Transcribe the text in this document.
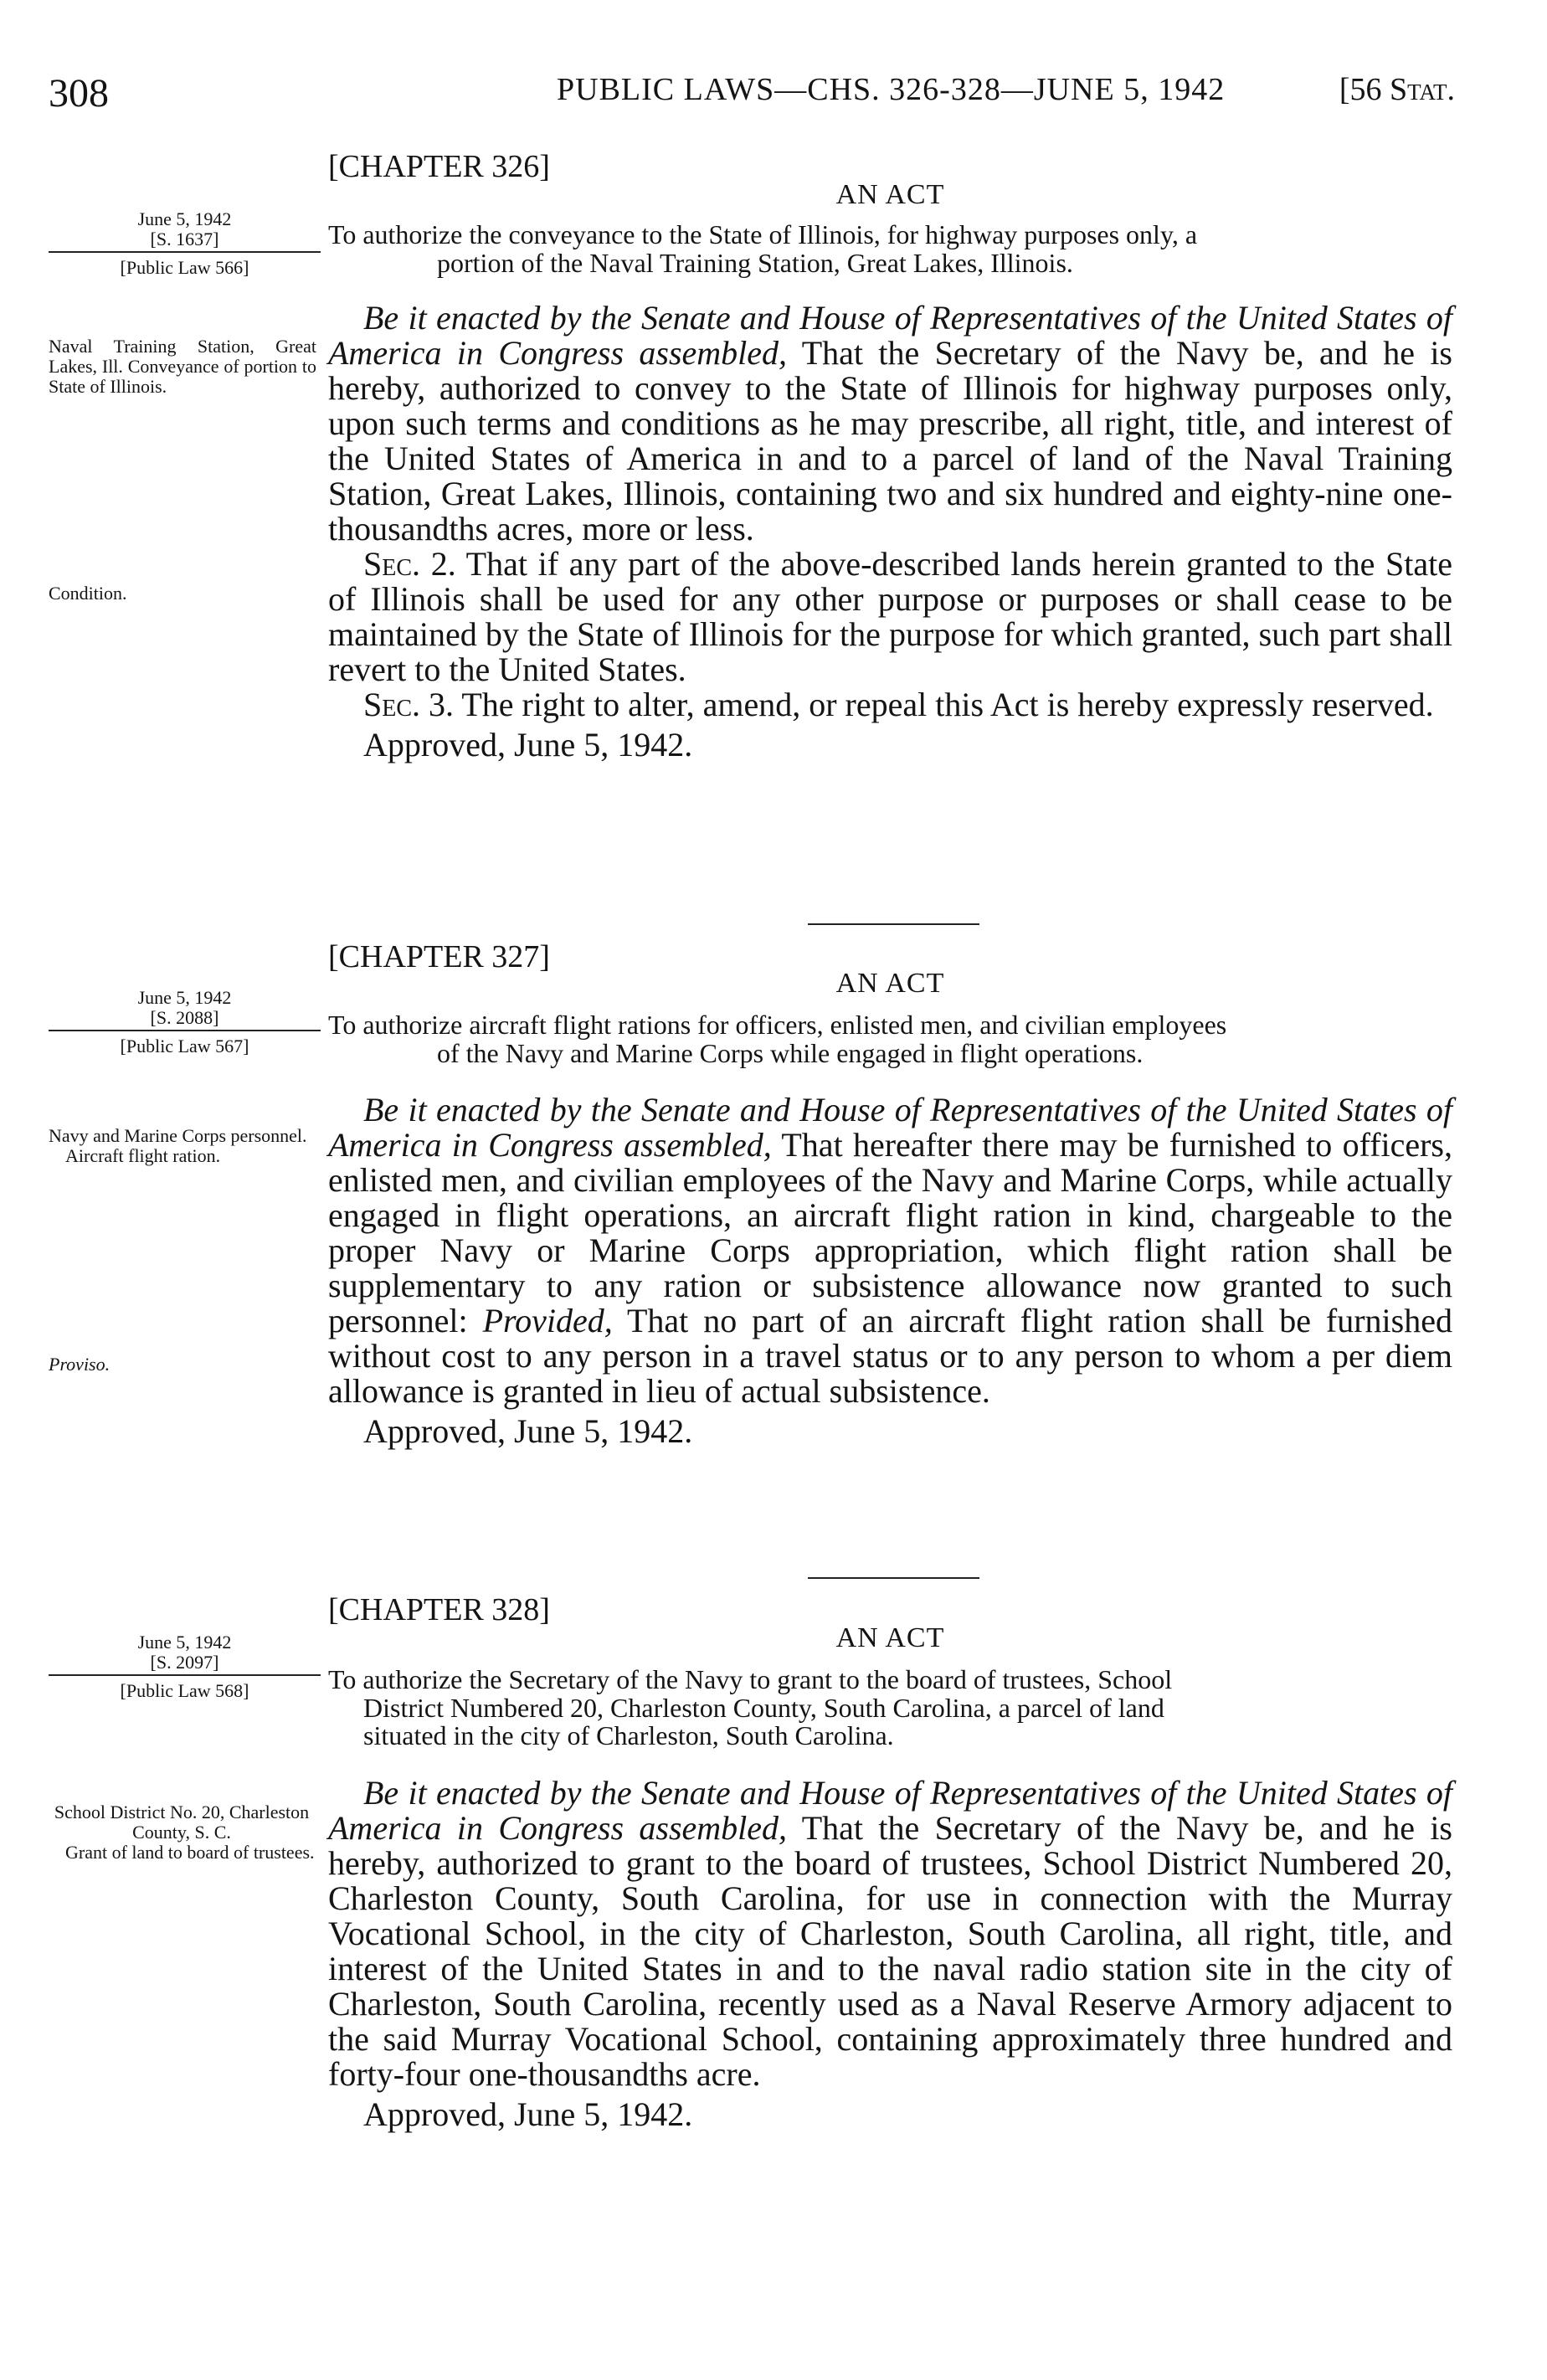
308	PUBLIC LAWS—CHS. 326-328—JUNE 5, 1942	[56 Stat.
June 5, 1942
[S. 1637]
[Public Law 566]
Naval Training Station, Great Lakes, Ill. Conveyance of portion to State of Illinois.
Condition.
[CHAPTER 326]
AN ACT
To authorize the conveyance to the State of Illinois, for highway purposes only, a
portion of the Naval Training Station, Great Lakes, Illinois.

Be it enacted by the Senate and House of Representatives of the United States of America in Congress assembled, That the Secretary of the Navy be, and he is hereby, authorized to convey to the State of Illinois for highway purposes only, upon such terms and conditions as he may prescribe, all right, title, and interest of the United States of America in and to a parcel of land of the Naval Training Station, Great Lakes, Illinois, containing two and six hundred and eighty-nine one-thousandths acres, more or less.

Sec. 2. That if any part of the above-described lands herein granted to the State of Illinois shall be used for any other purpose or purposes or shall cease to be maintained by the State of Illinois for the purpose for which granted, such part shall revert to the United States.

Sec. 3. The right to alter, amend, or repeal this Act is hereby expressly reserved.

Approved, June 5, 1942.
June 5, 1942
[S. 2088]
[Public Law 567]
Navy and Marine Corps personnel.
Aircraft flight ration.
Proviso.
[CHAPTER 327]
AN ACT
To authorize aircraft flight rations for officers, enlisted men, and civilian employees
of the Navy and Marine Corps while engaged in flight operations.

Be it enacted by the Senate and House of Representatives of the United States of America in Congress assembled, That hereafter there may be furnished to officers, enlisted men, and civilian employees of the Navy and Marine Corps, while actually engaged in flight operations, an aircraft flight ration in kind, chargeable to the proper Navy or Marine Corps appropriation, which flight ration shall be supplementary to any ration or subsistence allowance now granted to such personnel: Provided, That no part of an aircraft flight ration shall be furnished without cost to any person in a travel status or to any person to whom a per diem allowance is granted in lieu of actual subsistence.

Approved, June 5, 1942.
June 5, 1942
[S. 2097]
[Public Law 568]
School District No. 20, Charleston County, S. C.
Grant of land to board of trustees.
[CHAPTER 328]
AN ACT
To authorize the Secretary of the Navy to grant to the board of trustees, School
District Numbered 20, Charleston County, South Carolina, a parcel of land
situated in the city of Charleston, South Carolina.

Be it enacted by the Senate and House of Representatives of the United States of America in Congress assembled, That the Secretary of the Navy be, and he is hereby, authorized to grant to the board of trustees, School District Numbered 20, Charleston County, South Carolina, for use in connection with the Murray Vocational School, in the city of Charleston, South Carolina, all right, title, and interest of the United States in and to the naval radio station site in the city of Charleston, South Carolina, recently used as a Naval Reserve Armory adjacent to the said Murray Vocational School, containing approximately three hundred and forty-four one-thousandths acre.

Approved, June 5, 1942.
